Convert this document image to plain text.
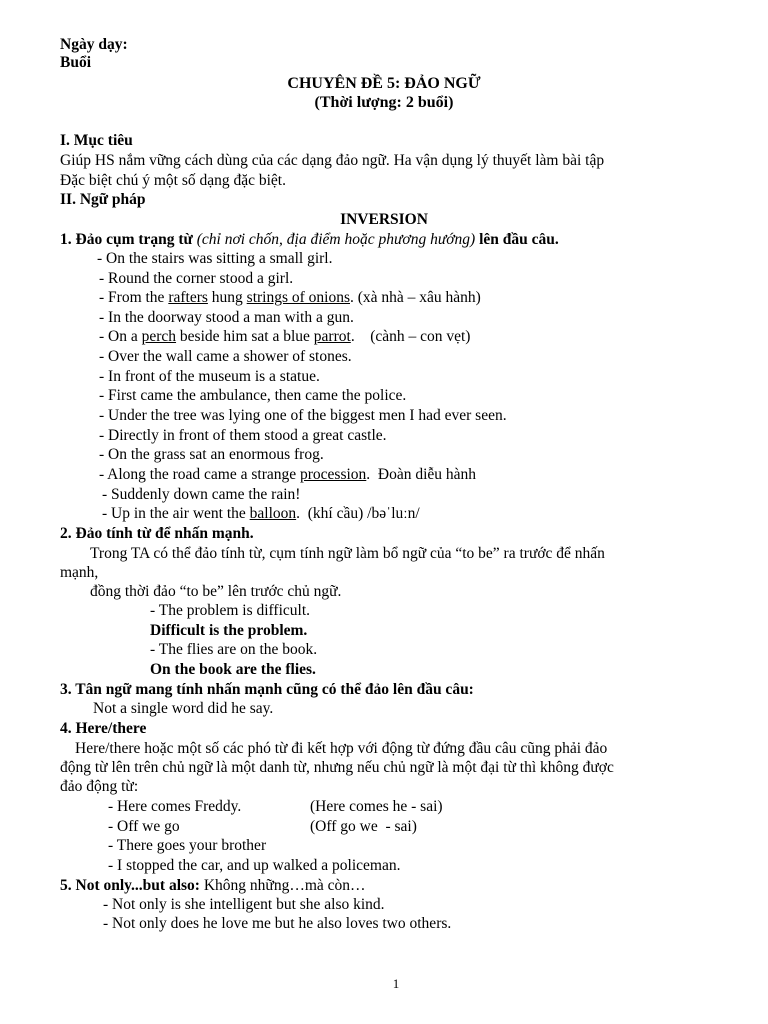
Ngày dạy:
Buổi
CHUYÊN ĐỀ 5: ĐẢO NGỮ
(Thời lượng: 2 buổi)
I. Mục tiêu
Giúp HS nắm vững cách dùng của các dạng đảo ngữ. Ha vận dụng lý thuyết làm bài tập
Đặc biệt chú ý một số dạng đặc biệt.
II. Ngữ pháp
INVERSION
1. Đảo cụm trạng từ (chỉ nơi chốn, địa điểm hoặc phương hướng) lên đầu câu.
- On the stairs was sitting a small girl.
- Round the corner stood a girl.
- From the rafters hung strings of onions. (xà nhà – xâu hành)
- In the doorway stood a man with a gun.
- On a perch beside him sat a blue parrot.    (cành – con vẹt)
- Over the wall came a shower of stones.
- In front of the museum is a statue.
- First came the ambulance, then came the police.
- Under the tree was lying one of the biggest men I had ever seen.
- Directly in front of them stood a great castle.
- On the grass sat an enormous frog.
- Along the road came a strange procession.  Đoàn diễu hành
- Suddenly down came the rain!
- Up in the air went the balloon.  (khí cầu) /bəˈluːn/
2. Đảo tính từ để nhấn mạnh.
Trong TA có thể đảo tính từ, cụm tính ngữ làm bổ ngữ của “to be” ra trước để nhấn
mạnh,
đồng thời đảo “to be” lên trước chủ ngữ.
- The problem is difficult.
Difficult is the problem.
- The flies are on the book.
On the book are the flies.
3. Tân ngữ mang tính nhấn mạnh cũng có thể đảo lên đầu câu:
Not a single word did he say.
4. Here/there
Here/there hoặc một số các phó từ đi kết hợp với động từ đứng đầu câu cũng phải đảo
động từ lên trên chủ ngữ là một danh từ, nhưng nếu chủ ngữ là một đại từ thì không được
đảo động từ:
- Here comes Freddy.	(Here comes he - sai)
- Off we go	(Off go we  - sai)
- There goes your brother
- I stopped the car, and up walked a policeman.
5. Not only...but also: Không những…mà còn…
- Not only is she intelligent but she also kind.
- Not only does he love me but he also loves two others.
1
